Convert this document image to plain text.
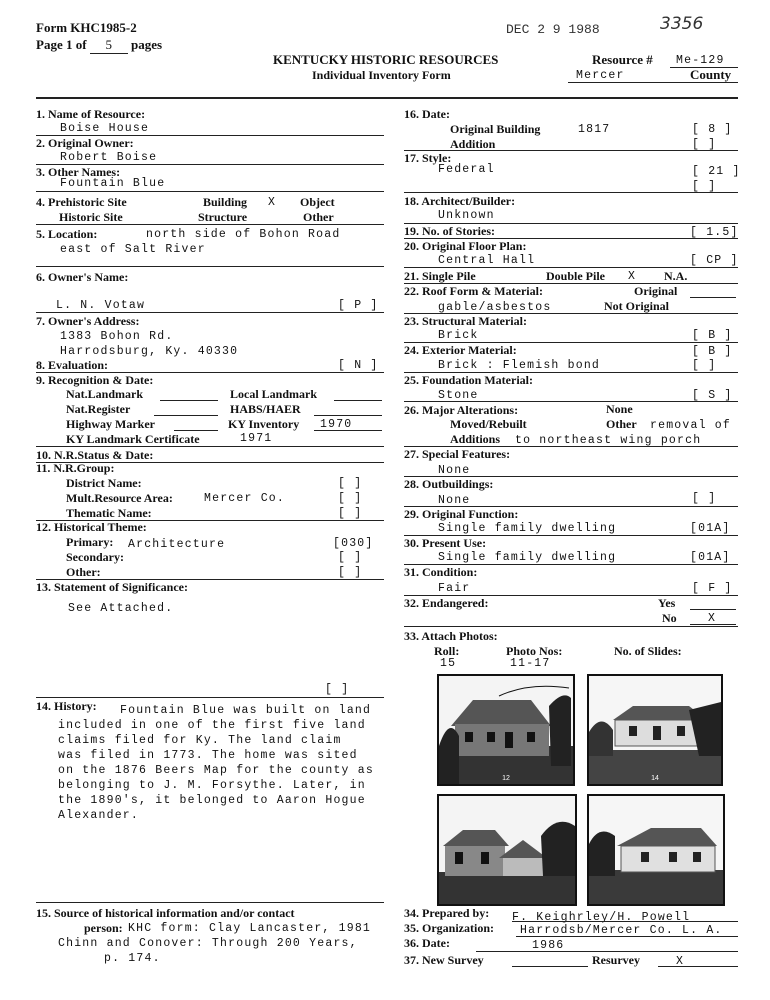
Form KHC1985-2
Page 1 of 5 pages
DEC 2 9 1988	3356
KENTUCKY HISTORIC RESOURCES
Individual Inventory Form
Resource # Me-129
Mercer	County
1. Name of Resource:
Boise House
2. Original Owner:
Robert Boise
3. Other Names:
Fountain Blue
4. Prehistoric Site	Building X Object
Historic Site	Structure	Other
5. Location:	north side of Bohon Road
east of Salt River
6. Owner's Name:
L. N. Votaw	[ P ]
7. Owner's Address:
1383 Bohon Rd.
Harrodsburg, Ky. 40330
8. Evaluation:	[ N ]
9. Recognition & Date:
Nat.Landmark	Local Landmark
Nat.Register	HABS/HAER
Highway Marker	KY Inventory 1970
KY Landmark Certificate	1971
10. N.R.Status & Date:
11. N.R.Group:
District Name:	[ ]
Mult.Resource Area:	Mercer Co.	[ ]
Thematic Name:	[ ]
12. Historical Theme:
Primary: Architecture	[030]
Secondary:	[ ]
Other:	[ ]
13. Statement of Significance:
See Attached.
[ ]
14. History: Fountain Blue was built on land
included in one of the first five land
claims filed for Ky. The land claim
was filed in 1773. The home was sited
on the 1876 Beers Map for the county as
belonging to J. M. Forsythe. Later, in
the 1890's, it belonged to Aaron Hogue
Alexander.
15. Source of historical information and/or contact
person: KHC form: Clay Lancaster, 1981
Chinn and Conover: Through 200 Years,
p. 174.
16. Date:
Original Building	1817	[ 8 ]
Addition	[ ]
17. Style:
Federal	[ 21 ]
[ ]
18. Architect/Builder:
Unknown
19. No. of Stories:	[ 1.5]
20. Original Floor Plan:
Central Hall	[ CP ]
21. Single Pile	Double Pile X N.A.
22. Roof Form & Material:	Original
gable/asbestos	Not Original
23. Structural Material:
Brick	[ B ]
24. Exterior Material:	[ B ]
Brick : Flemish bond	[ ]
25. Foundation Material:
Stone	[ S ]
26. Major Alterations:	None
Moved/Rebuilt	Other removal of
Additions to northeast wing porch
27. Special Features:
None
28. Outbuildings:
None	[ ]
29. Original Function:
Single family dwelling	[01A]
30. Present Use:
Single family dwelling	[01A]
31. Condition:
Fair	[ F ]
32. Endangered:	Yes
No	X
33. Attach Photos:
Roll:
15
Photo Nos:
11-17
No. of Slides:
12	14
34. Prepared by: F. Keighrley/H. Powell
35. Organization: Harrodsb/Mercer Co. L. A.
36. Date:	1986
37. New Survey	Resurvey	X
